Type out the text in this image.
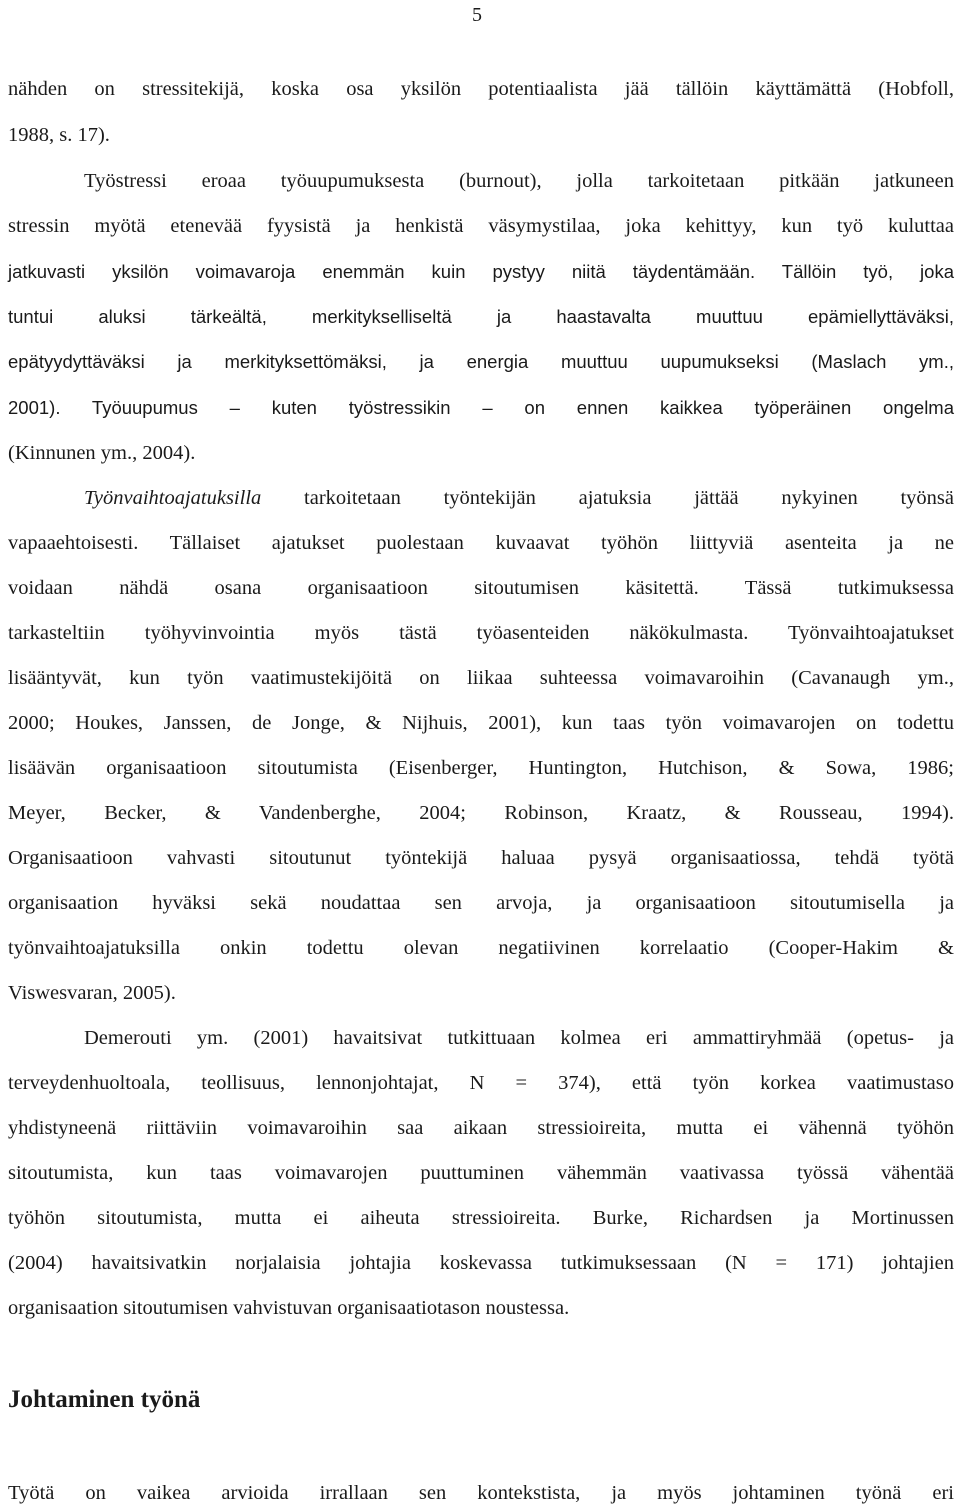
5
nähden on stressitekijä, koska osa yksilön potentiaalista jää tällöin käyttämättä (Hobfoll,
1988, s. 17).
Työstressi eroaa työuupumuksesta (burnout), jolla tarkoitetaan pitkään jatkuneen
stressin myötä etenevää fyysistä ja henkistä väsymystilaa, joka kehittyy, kun työ kuluttaa
jatkuvasti yksilön voimavaroja enemmän kuin pystyy niitä täydentämään. Tällöin työ, joka
tuntui aluksi tärkeältä, merkitykselliseltä ja haastavalta muuttuu epämiellyttäväksi,
epätyydyttäväksi ja merkityksettömäksi, ja energia muuttuu uupumukseksi (Maslach ym.,
2001). Työuupumus – kuten työstressikin – on ennen kaikkea työperäinen ongelma
(Kinnunen ym., 2004).
Työnvaihtoajatuksilla tarkoitetaan työntekijän ajatuksia jättää nykyinen työnsä
vapaaehtoisesti. Tällaiset ajatukset puolestaan kuvaavat työhön liittyviä asenteita ja ne
voidaan nähdä osana organisaatioon sitoutumisen käsitettä. Tässä tutkimuksessa
tarkasteltiin työhyvinvointia myös tästä työasenteiden näkökulmasta. Työnvaihtoajatukset
lisääntyvät, kun työn vaatimustekijöitä on liikaa suhteessa voimavaroihin (Cavanaugh ym.,
2000; Houkes, Janssen, de Jonge, & Nijhuis, 2001), kun taas työn voimavarojen on todettu
lisäävän organisaatioon sitoutumista (Eisenberger, Huntington, Hutchison, & Sowa, 1986;
Meyer, Becker, & Vandenberghe, 2004; Robinson, Kraatz, & Rousseau, 1994).
Organisaatioon vahvasti sitoutunut työntekijä haluaa pysyä organisaatiossa, tehdä työtä
organisaation hyväksi sekä noudattaa sen arvoja, ja organisaatioon sitoutumisella ja
työnvaihtoajatuksilla onkin todettu olevan negatiivinen korrelaatio (Cooper-Hakim &
Viswesvaran, 2005).
Demerouti ym. (2001) havaitsivat tutkittuaan kolmea eri ammattiryhmää (opetus- ja
terveydenhuoltoala, teollisuus, lennonjohtajat, N = 374), että työn korkea vaatimustaso
yhdistyneenä riittäviin voimavaroihin saa aikaan stressioireita, mutta ei vähennä työhön
sitoutumista, kun taas voimavarojen puuttuminen vähemmän vaativassa työssä vähentää
työhön sitoutumista, mutta ei aiheuta stressioireita. Burke, Richardsen ja Mortinussen
(2004) havaitsivatkin norjalaisia johtajia koskevassa tutkimuksessaan (N = 171) johtajien
organisaation sitoutumisen vahvistuvan organisaatiotason noustessa.
Johtaminen työnä
Työtä on vaikea arvioida irrallaan sen kontekstista, ja myös johtaminen työnä eri
